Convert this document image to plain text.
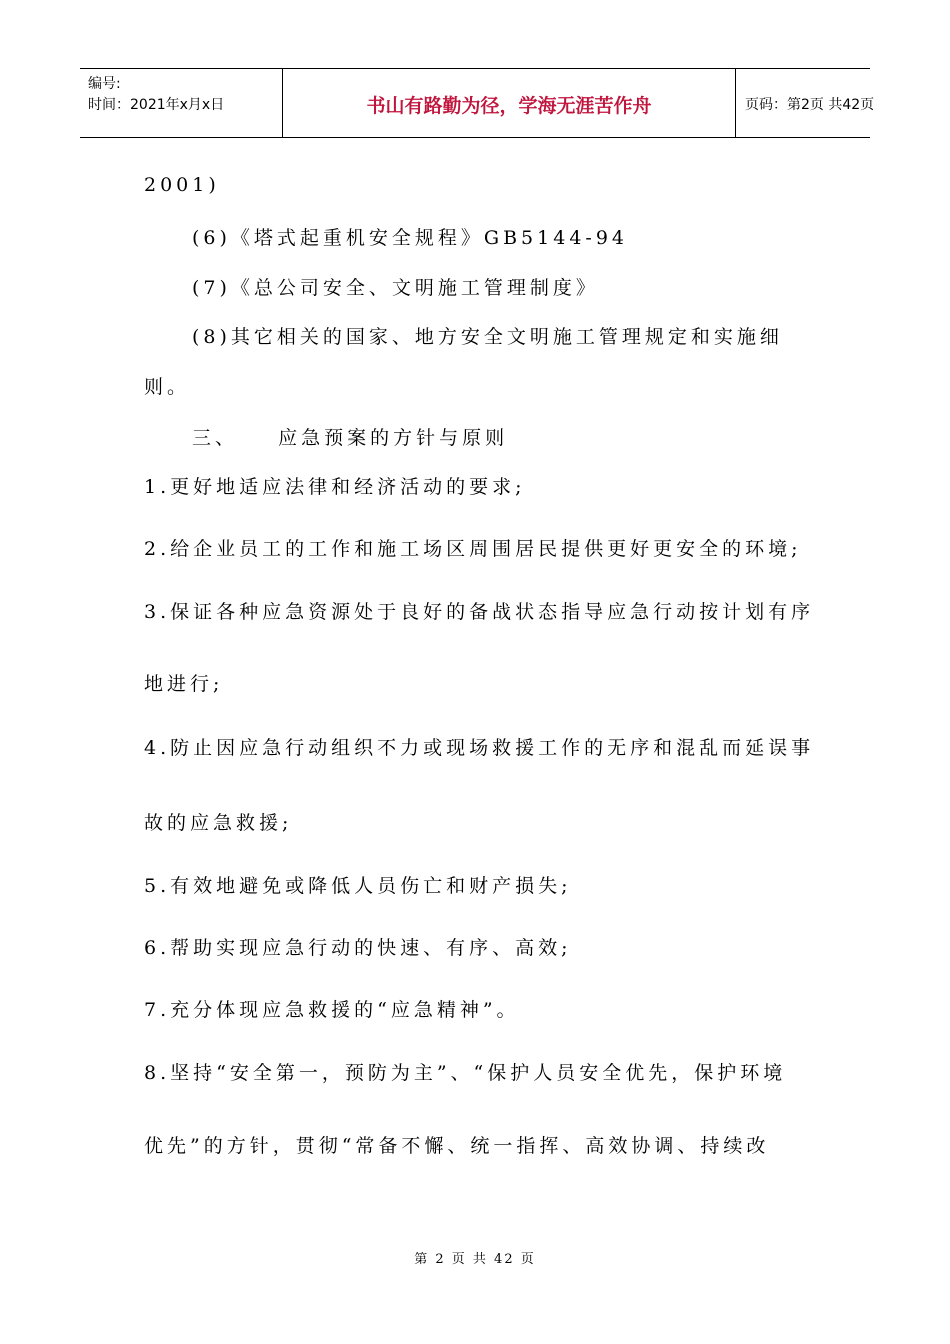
编号:
时间：2021年x月x日	书山有路勤为径，学海无涯苦作舟	页码：第2页 共42页
2001)
(6)《塔式起重机安全规程》GB5144-94
(7)《总公司安全、文明施工管理制度》
(8)其它相关的国家、地方安全文明施工管理规定和实施细
则。
三、    应急预案的方针与原则
1.更好地适应法律和经济活动的要求;
2.给企业员工的工作和施工场区周围居民提供更好更安全的环境;
3.保证各种应急资源处于良好的备战状态指导应急行动按计划有序
地进行;
4.防止因应急行动组织不力或现场救援工作的无序和混乱而延误事
故的应急救援;
5.有效地避免或降低人员伤亡和财产损失;
6.帮助实现应急行动的快速、有序、高效;
7.充分体现应急救援的“应急精神”。
8.坚持“安全第一，预防为主”、“保护人员安全优先，保护环境
优先”的方针，贯彻“常备不懈、统一指挥、高效协调、持续改
第 2 页 共 42 页
